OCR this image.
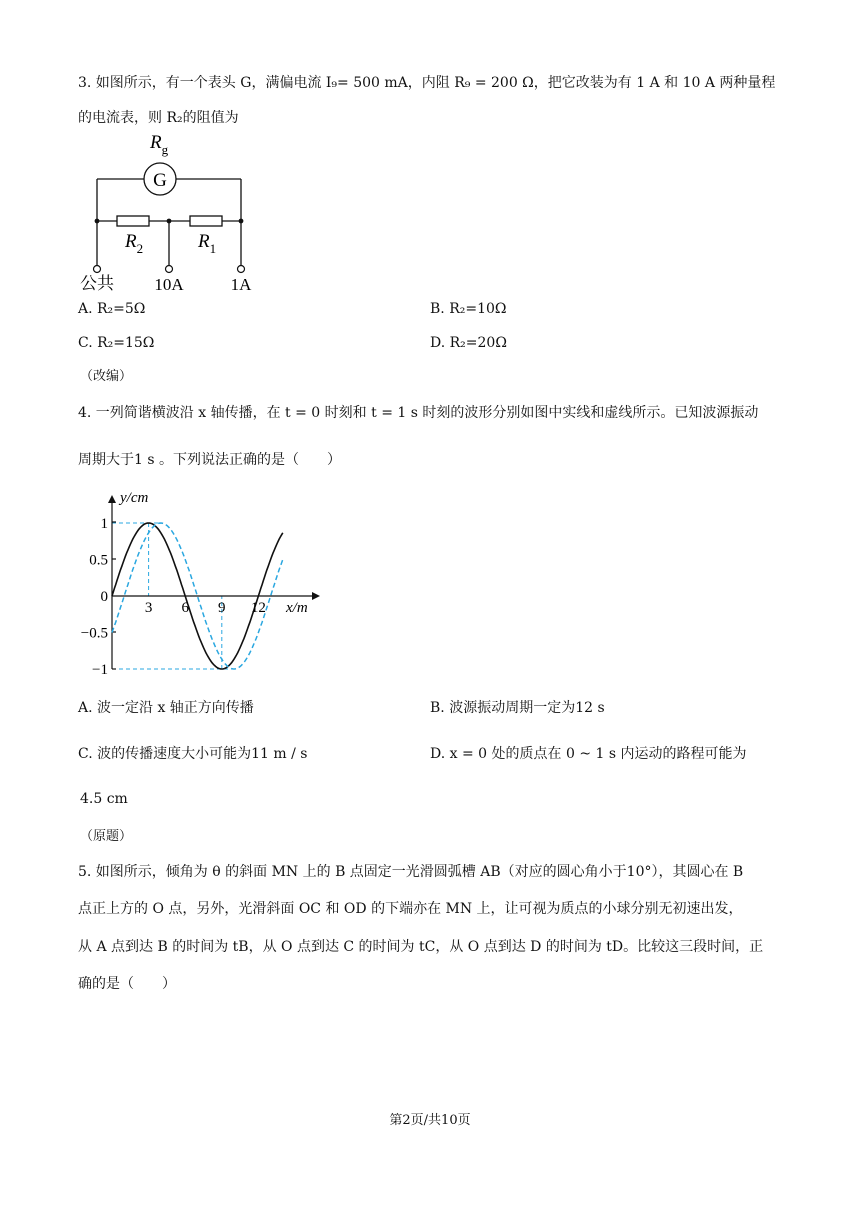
3. 如图所示，有一个表头 G，满偏电流 I₉= 500 mA，内阻 R₉ = 200 Ω，把它改装为有 1 A 和 10 A 两种量程
的电流表，则 R₂的阻值为
G
$R_g$
$R_2$	$R_1$
公共 10A	1A
A. R₂=5Ω	B. R₂=10Ω
C. R₂=15Ω	D. R₂=20Ω
（改编）
4. 一列简谐横波沿 x 轴传播，在 t = 0 时刻和 t = 1 s 时刻的波形分别如图中实线和虚线所示。已知波源振动
周期大于1 s 。下列说法正确的是（　　）
y/cm
x/m
1
0.5
0
−0.5
−1
3 6 9 12
A. 波一定沿 x 轴正方向传播	B. 波源振动周期一定为12 s
C. 波的传播速度大小可能为11 m / s	D. x = 0 处的质点在 0 ~ 1 s 内运动的路程可能为
4.5 cm
（原题）
5. 如图所示，倾角为 θ 的斜面 MN 上的 B 点固定一光滑圆弧槽 AB（对应的圆心角小于10°），其圆心在 B
点正上方的 O 点，另外，光滑斜面 OC 和 OD 的下端亦在 MN 上，让可视为质点的小球分别无初速出发，
从 A 点到达 B 的时间为 tB，从 O 点到达 C 的时间为 tC，从 O 点到达 D 的时间为 tD。比较这三段时间，正
确的是（　　）
第2页/共10页
